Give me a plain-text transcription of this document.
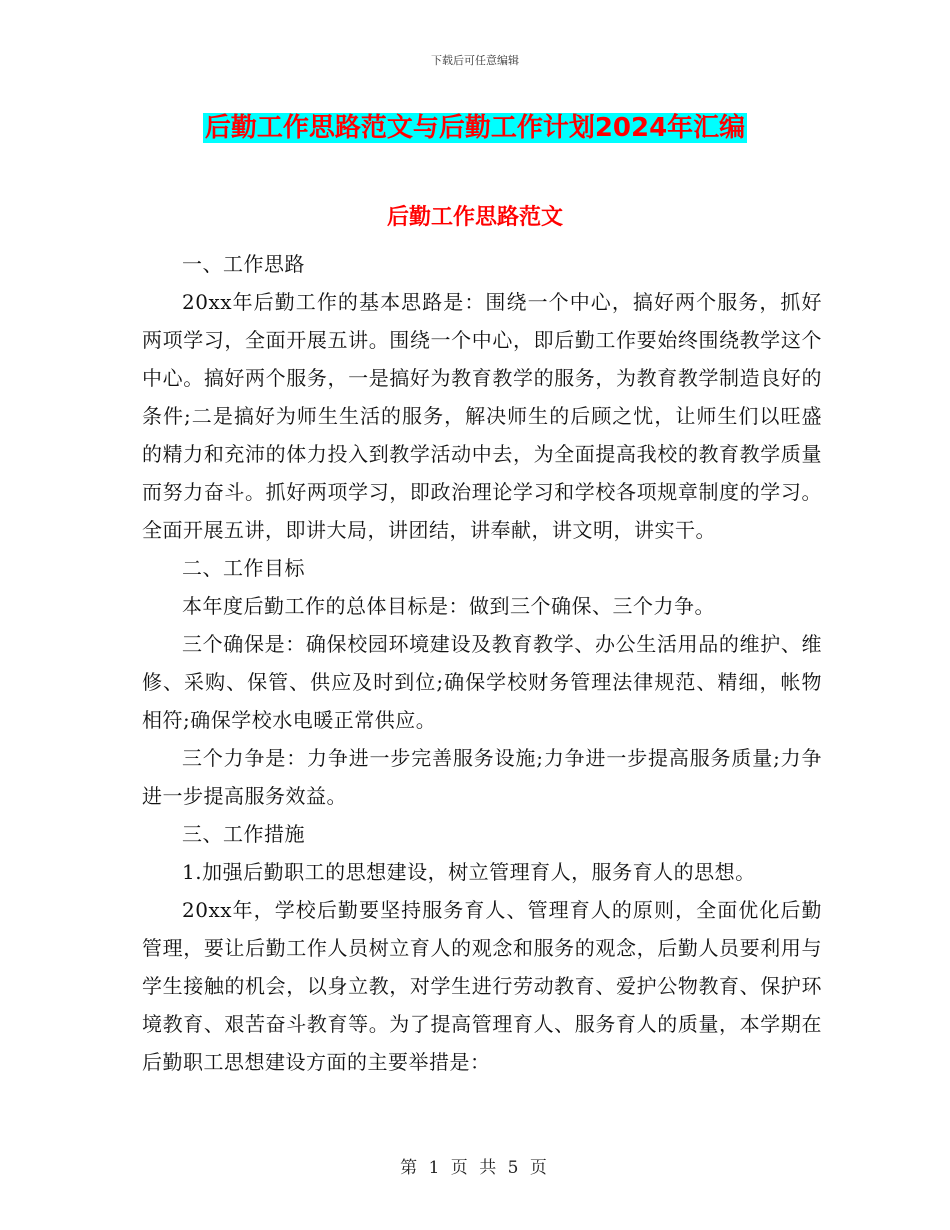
下载后可任意编辑
后勤工作思路范文与后勤工作计划2024年汇编
后勤工作思路范文

一、工作思路

20xx年后勤工作的基本思路是：围绕一个中心，搞好两个服务，抓好两项学习，全面开展五讲。围绕一个中心，即后勤工作要始终围绕教学这个中心。搞好两个服务，一是搞好为教育教学的服务，为教育教学制造良好的条件;二是搞好为师生生活的服务，解决师生的后顾之忧，让师生们以旺盛的精力和充沛的体力投入到教学活动中去，为全面提高我校的教育教学质量而努力奋斗。抓好两项学习，即政治理论学习和学校各项规章制度的学习。全面开展五讲，即讲大局，讲团结，讲奉献，讲文明，讲实干。

二、工作目标

本年度后勤工作的总体目标是：做到三个确保、三个力争。

三个确保是：确保校园环境建设及教育教学、办公生活用品的维护、维修、采购、保管、供应及时到位;确保学校财务管理法律规范、精细，帐物相符;确保学校水电暖正常供应。

三个力争是：力争进一步完善服务设施;力争进一步提高服务质量;力争进一步提高服务效益。

三、工作措施

1.加强后勤职工的思想建设，树立管理育人，服务育人的思想。

20xx年，学校后勤要坚持服务育人、管理育人的原则，全面优化后勤管理，要让后勤工作人员树立育人的观念和服务的观念，后勤人员要利用与学生接触的机会，以身立教，对学生进行劳动教育、爱护公物教育、保护环境教育、艰苦奋斗教育等。为了提高管理育人、服务育人的质量，本学期在后勤职工思想建设方面的主要举措是：

第 1 页 共 5 页
